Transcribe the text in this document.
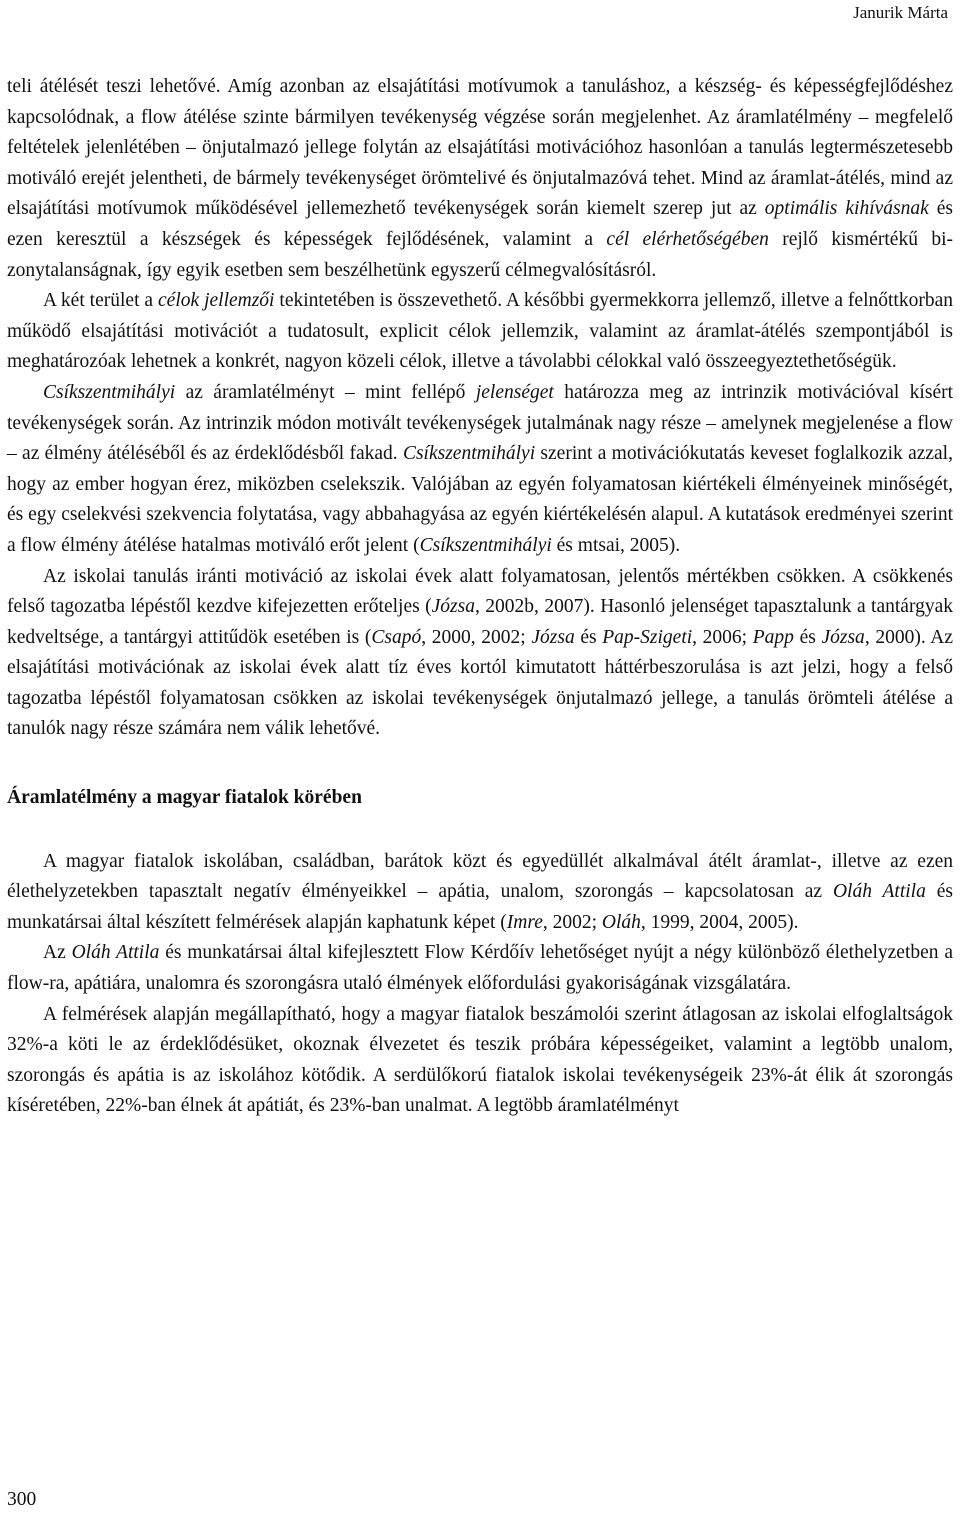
Janurik Márta

teli átélését teszi lehetővé. Amíg azonban az elsajátítási motívumok a tanuláshoz, a készség- és képességfejlődéshez kapcsolódnak, a flow átélése szinte bármilyen tevékenység végzése során megjelenhet. Az áramlatélmény – megfelelő feltételek jelenlétében – önjutalmazó jellege folytán az elsajátítási motivációhoz hasonlóan a tanulás legtermészetesebb motiváló erejét jelentheti, de bármely tevékenységet örömtelivé és önjutalmazóvá tehet. Mind az áramlat-átélés, mind az elsajátítási motívumok működésével jellemezhető tevékenységek során kiemelt szerep jut az optimális kihívásnak és ezen keresztül a készségek és képességek fejlődésének, valamint a cél elérhetőségében rejlő kismértékű bizonytalanságnak, így egyik esetben sem beszélhetünk egyszerű célmegvalósításról.

A két terület a célok jellemzői tekintetében is összevethető. A későbbi gyermekkorra jellemző, illetve a felnőttkorban működő elsajátítási motivációt a tudatosult, explicit célok jellemzik, valamint az áramlat-átélés szempontjából is meghatározóak lehetnek a konkrét, nagyon közeli célok, illetve a távolabbi célokkal való összeegyeztethetőségük.

Csíkszentmihályi az áramlatélményt – mint fellépő jelenséget határozza meg az intrinzik motivációval kísért tevékenységek során. Az intrinzik módon motivált tevékenységek jutalmának nagy része – amelynek megjelenése a flow – az élmény átéléséből és az érdeklődésből fakad. Csíkszentmihályi szerint a motivációkutatás keveset foglalkozik azzal, hogy az ember hogyan érez, miközben cselekszik. Valójában az egyén folyamatosan kiértékeli élményeinek minőségét, és egy cselekvési szekvencia folytatása, vagy abbahagyása az egyén kiértékelésén alapul. A kutatások eredményei szerint a flow élmény átélése hatalmas motiváló erőt jelent (Csíkszentmihályi és mtsai, 2005).

Az iskolai tanulás iránti motiváció az iskolai évek alatt folyamatosan, jelentős mértékben csökken. A csökkenés felső tagozatba lépéstől kezdve kifejezetten erőteljes (Józsa, 2002b, 2007). Hasonló jelenséget tapasztalunk a tantárgyak kedveltsége, a tantárgyi attitűdök esetében is (Csapó, 2000, 2002; Józsa és Pap-Szigeti, 2006; Papp és Józsa, 2000). Az elsajátítási motivációnak az iskolai évek alatt tíz éves kortól kimutatott háttérbeszorulása is azt jelzi, hogy a felső tagozatba lépéstől folyamatosan csökken az iskolai tevékenységek önjutalmazó jellege, a tanulás örömteli átélése a tanulók nagy része számára nem válik lehetővé.

Áramlatélmény a magyar fiatalok körében

A magyar fiatalok iskolában, családban, barátok közt és egyedüllét alkalmával átélt áramlat-, illetve az ezen élethelyzetekben tapasztalt negatív élményeikkel – apátia, unalom, szorongás – kapcsolatosan az Oláh Attila és munkatársai által készített felmérések alapján kaphatunk képet (Imre, 2002; Oláh, 1999, 2004, 2005).

Az Oláh Attila és munkatársai által kifejlesztett Flow Kérdőív lehetőséget nyújt a négy különböző élethelyzetben a flow-ra, apátiára, unalomra és szorongásra utaló élmények előfordulási gyakoriságának vizsgálatára.

A felmérések alapján megállapítható, hogy a magyar fiatalok beszámolói szerint átlagosan az iskolai elfoglaltságok 32%-a köti le az érdeklődésüket, okoznak élvezetet és teszik próbára képességeiket, valamint a legtöbb unalom, szorongás és apátia is az iskolához kötődik. A serdülőkorú fiatalok iskolai tevékenységeik 23%-át élik át szorongás kíséretében, 22%-ban élnek át apátiát, és 23%-ban unalmat. A legtöbb áramlatélményt

300
